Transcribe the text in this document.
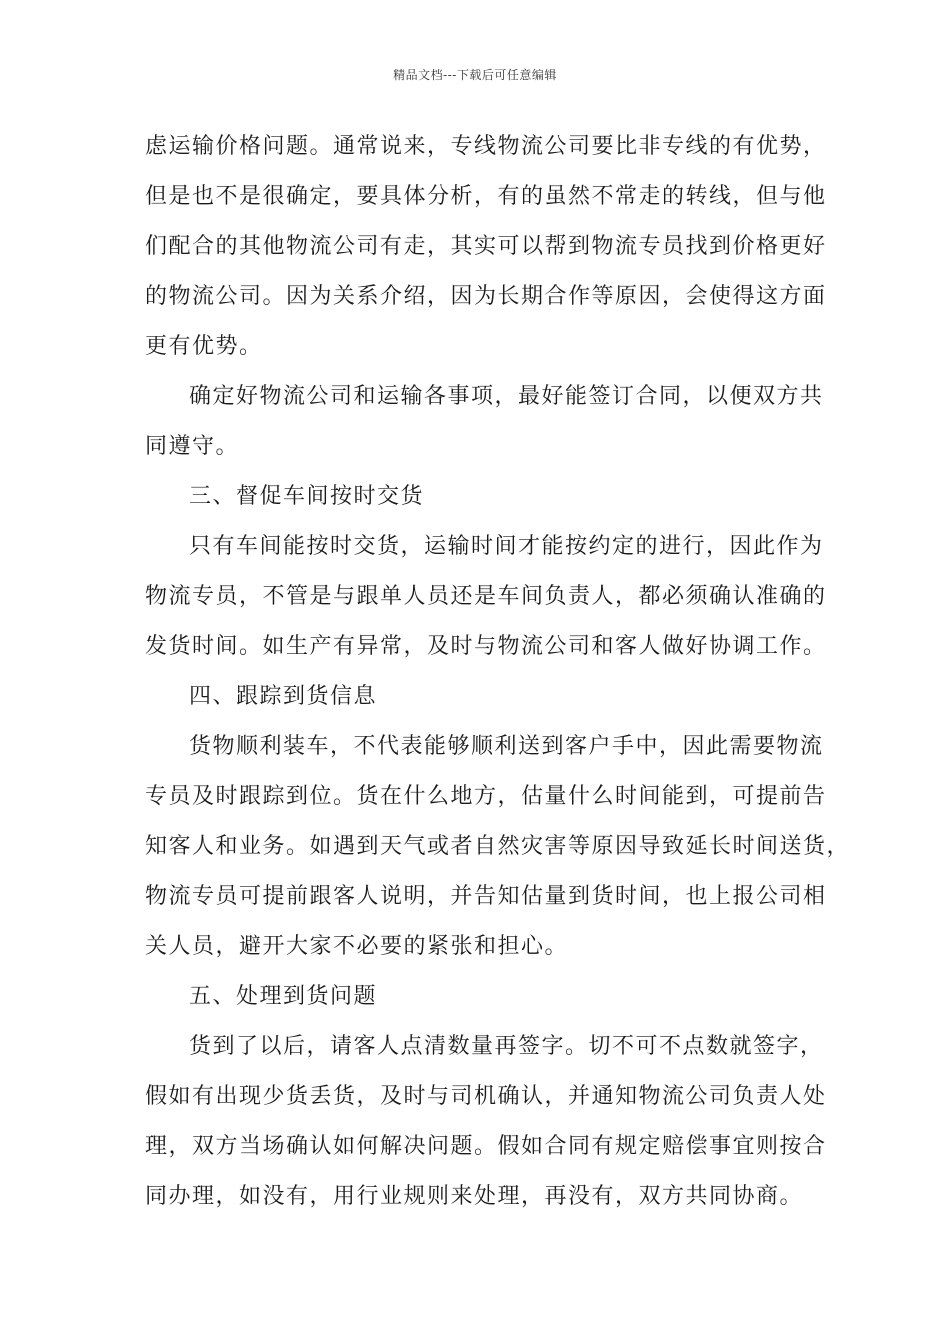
精品文档---下载后可任意编辑
虑运输价格问题。通常说来，专线物流公司要比非专线的有优势，
但是也不是很确定，要具体分析，有的虽然不常走的转线，但与他
们配合的其他物流公司有走，其实可以帮到物流专员找到价格更好
的物流公司。因为关系介绍，因为长期合作等原因，会使得这方面
更有优势。
确定好物流公司和运输各事项，最好能签订合同，以便双方共
同遵守。
三、督促车间按时交货
只有车间能按时交货，运输时间才能按约定的进行，因此作为
物流专员，不管是与跟单人员还是车间负责人，都必须确认准确的
发货时间。如生产有异常，及时与物流公司和客人做好协调工作。
四、跟踪到货信息
货物顺利装车，不代表能够顺利送到客户手中，因此需要物流
专员及时跟踪到位。货在什么地方，估量什么时间能到，可提前告
知客人和业务。如遇到天气或者自然灾害等原因导致延长时间送货，
物流专员可提前跟客人说明，并告知估量到货时间，也上报公司相
关人员，避开大家不必要的紧张和担心。
五、处理到货问题
货到了以后，请客人点清数量再签字。切不可不点数就签字，
假如有出现少货丢货，及时与司机确认，并通知物流公司负责人处
理，双方当场确认如何解决问题。假如合同有规定赔偿事宜则按合
同办理，如没有，用行业规则来处理，再没有，双方共同协商。
